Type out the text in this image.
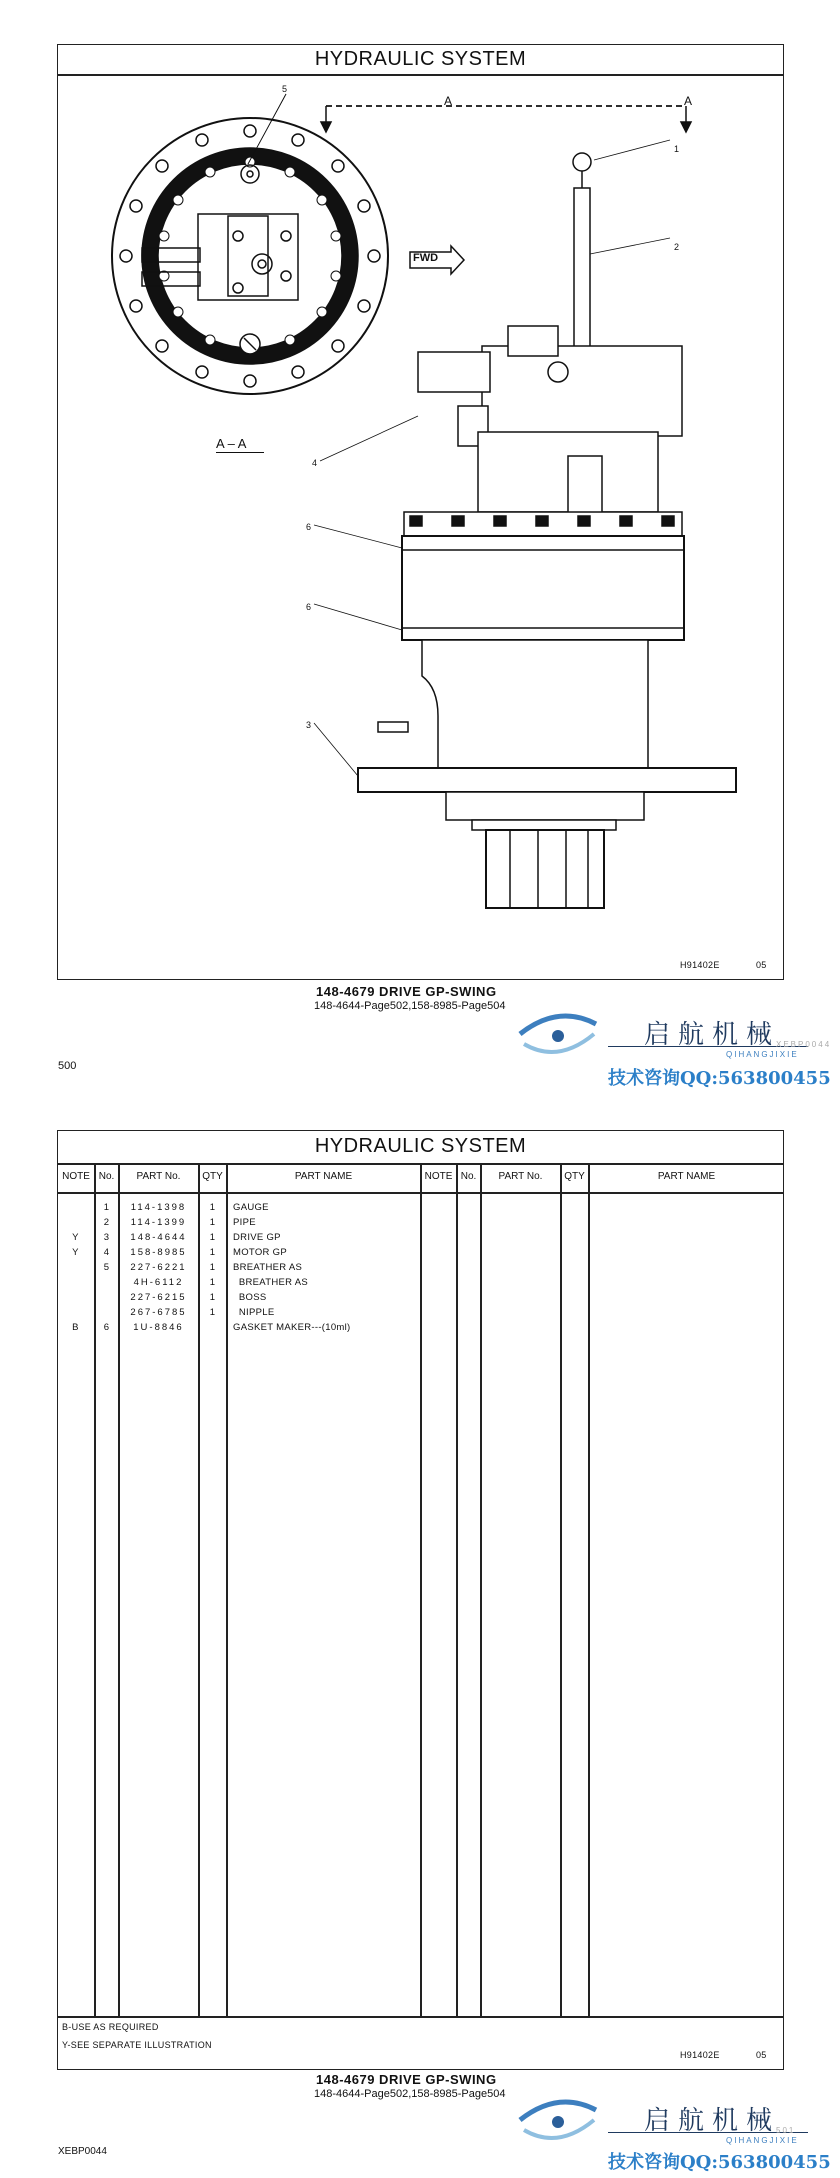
HYDRAULIC SYSTEM
5
1
2
4
6
6
3
A	A
FWD
A – A
H91402E	05
148-4679 DRIVE GP-SWING
148-4644-Page502,158-8985-Page504
500
启航机械
QIHANGJIXIE
XEBP0044
技术咨询QQ:563800455
HYDRAULIC SYSTEM
NOTE No.	PART No.	QTY	PART NAME	NOTE No.	PART No.	QTY	PART NAME
1	114-1398	1	GAUGE
2	114-1399	1	PIPE
Y	3	148-4644	1	DRIVE GP
Y	4	158-8985	1	MOTOR GP
5	227-6221	1	BREATHER AS
4H-6112	1	BREATHER AS
227-6215	1	BOSS
267-6785	1	NIPPLE
B	6	1U-8846	GASKET MAKER---(10ml)
B-USE AS REQUIRED
Y-SEE SEPARATE ILLUSTRATION
H91402E	05
148-4679 DRIVE GP-SWING
148-4644-Page502,158-8985-Page504
XEBP0044
启航机械
QIHANGJIXIE
501
技术咨询QQ:563800455
